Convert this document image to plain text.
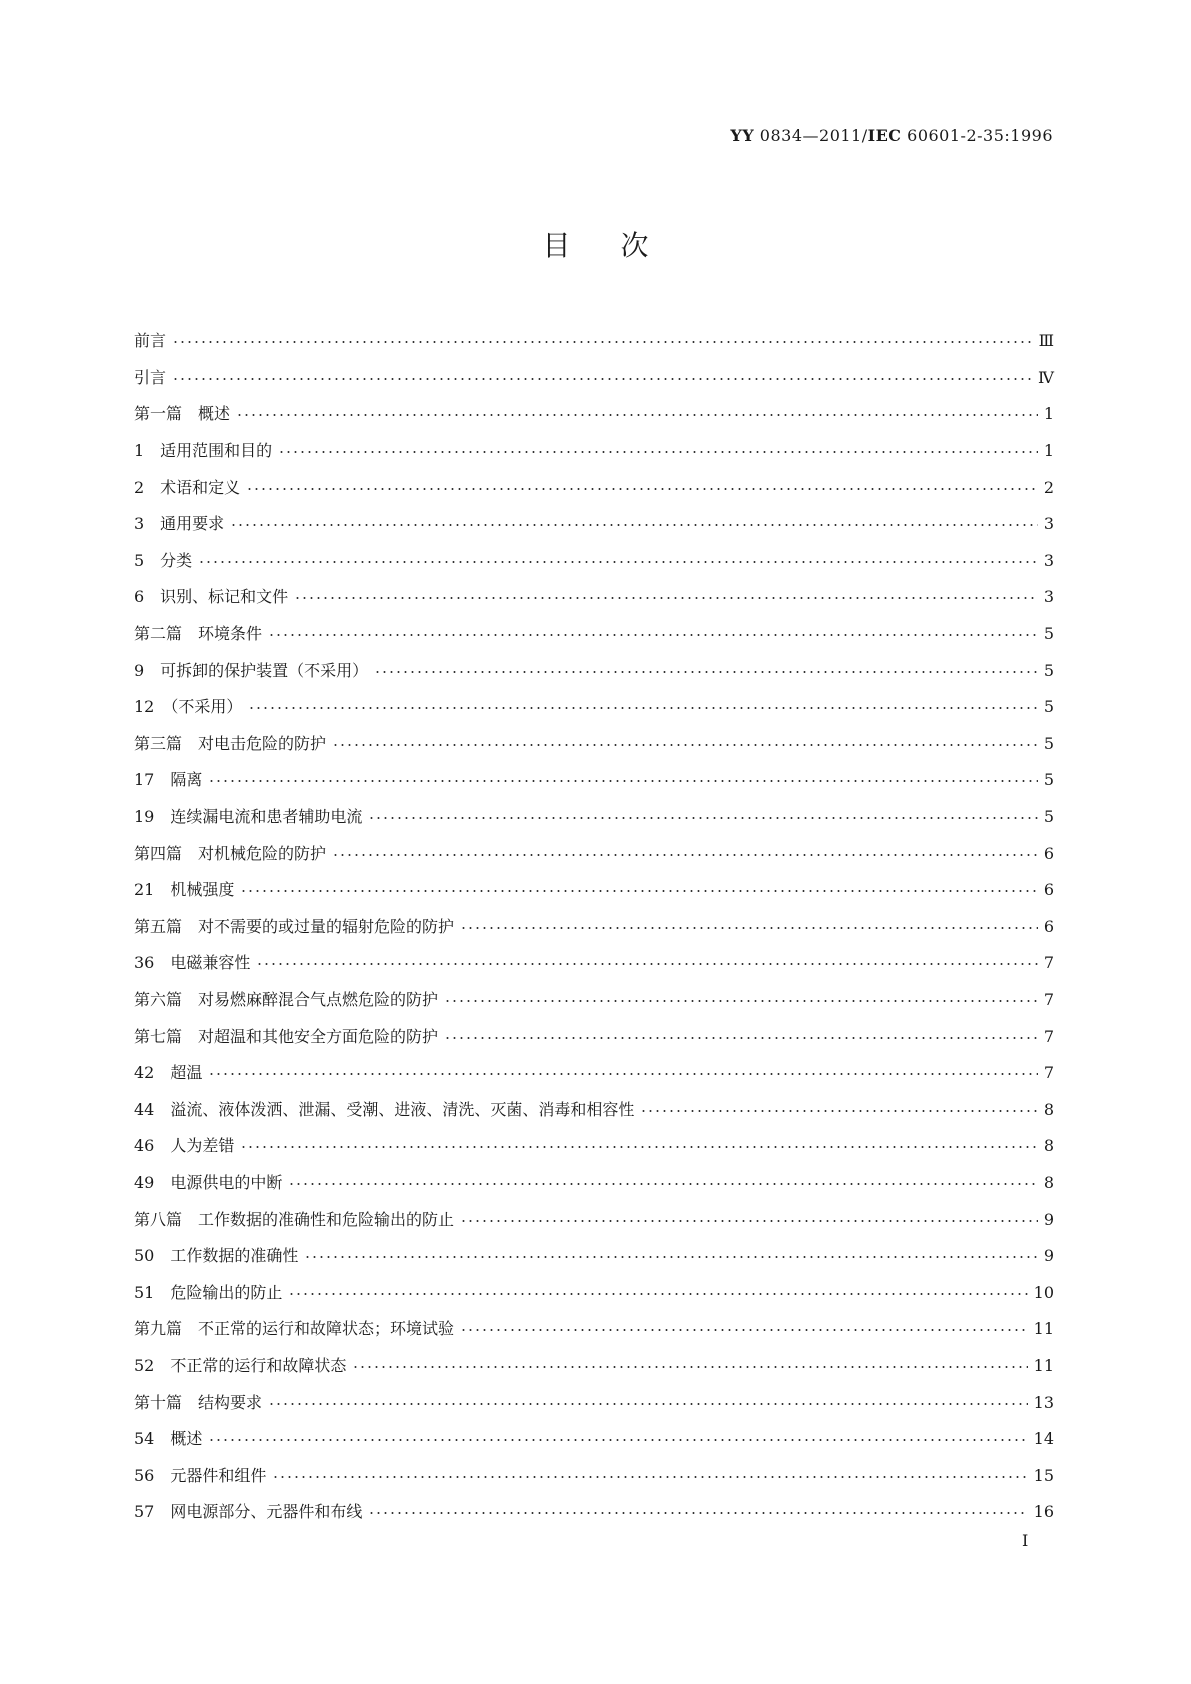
YY 0834—2011/IEC 60601-2-35:1996
目次
前言	Ⅲ
引言	Ⅳ
第一篇　概述	1
1　适用范围和目的	1
2　术语和定义	2
3　通用要求	3
5　分类	3
6　识别、标记和文件	3
第二篇　环境条件	5
9　可拆卸的保护装置（不采用）	5
12　（不采用）	5
第三篇　对电击危险的防护	5
17　隔离	5
19　连续漏电流和患者辅助电流	5
第四篇　对机械危险的防护	6
21　机械强度	6
第五篇　对不需要的或过量的辐射危险的防护	6
36　电磁兼容性	7
第六篇　对易燃麻醉混合气点燃危险的防护	7
第七篇　对超温和其他安全方面危险的防护	7
42　超温	7
44　溢流、液体泼洒、泄漏、受潮、进液、清洗、灭菌、消毒和相容性	8
46　人为差错	8
49　电源供电的中断	8
第八篇　工作数据的准确性和危险输出的防止	9
50　工作数据的准确性	9
51　危险输出的防止	10
第九篇　不正常的运行和故障状态；环境试验	11
52　不正常的运行和故障状态	11
第十篇　结构要求	13
54　概述	14
56　元器件和组件	15
57　网电源部分、元器件和布线	16
I
